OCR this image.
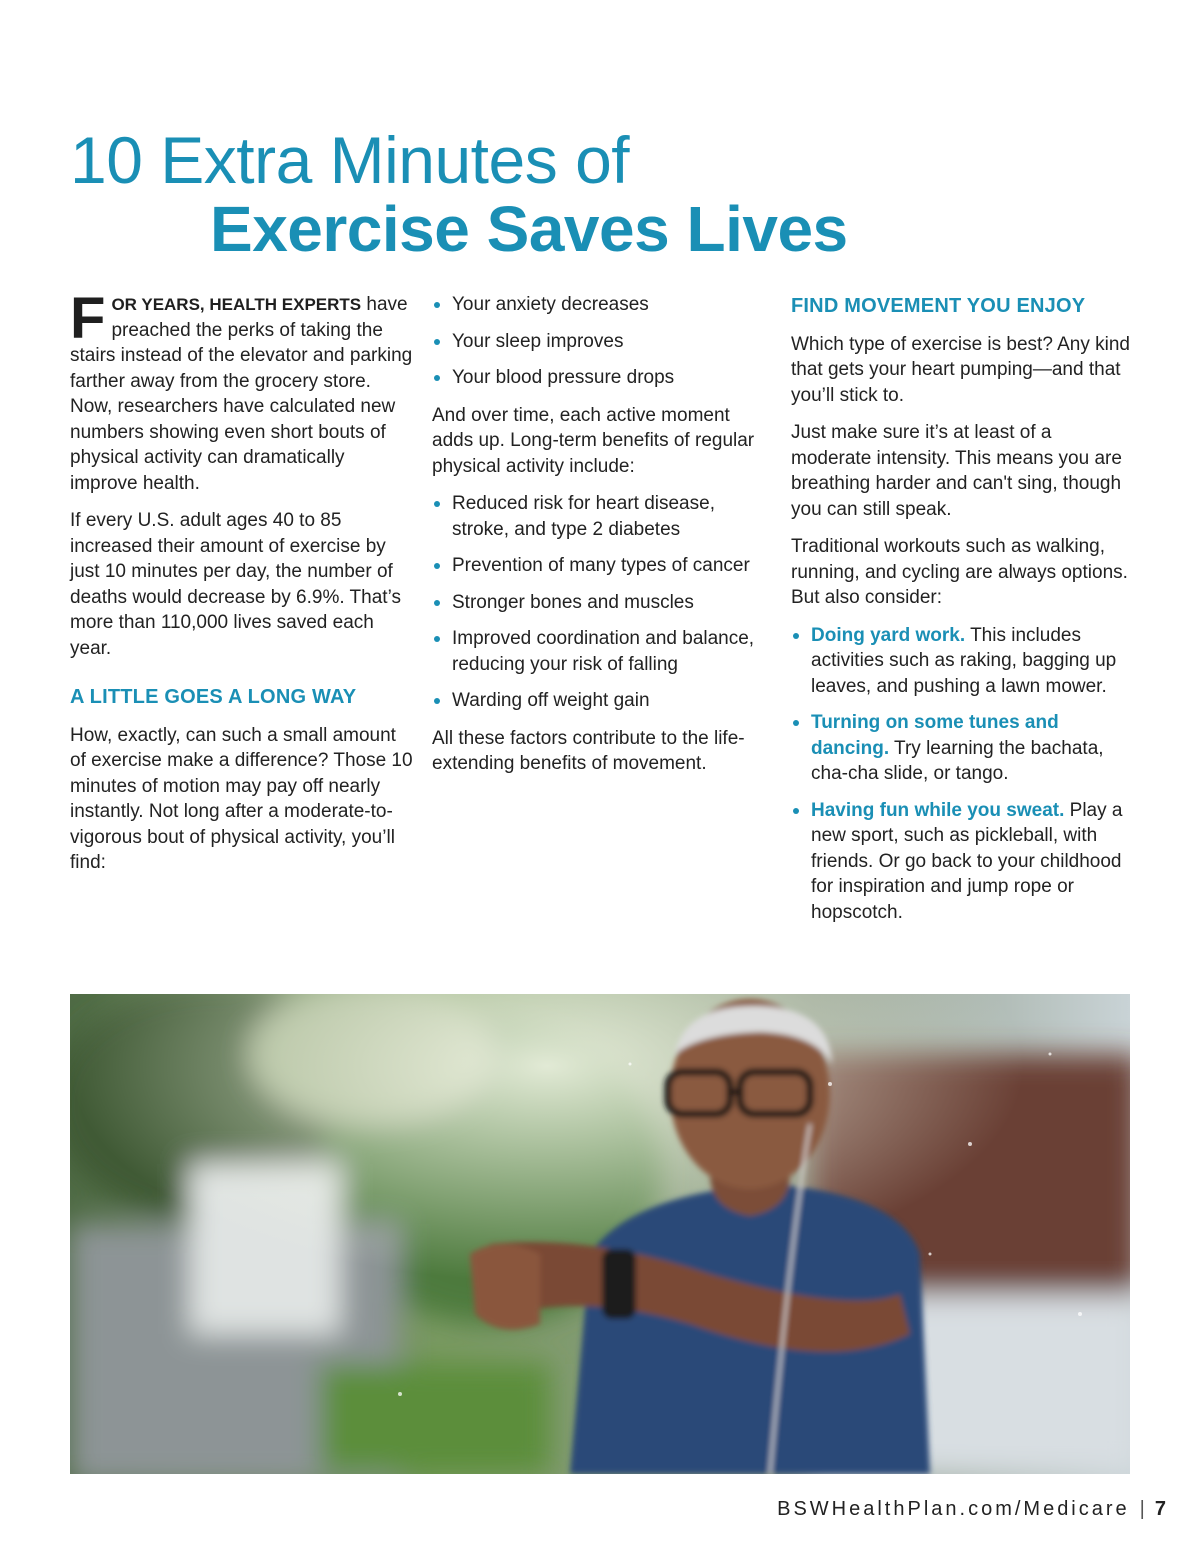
10 Extra Minutes of
Exercise Saves Lives

FOR YEARS, HEALTH EXPERTS have preached the perks of taking the stairs instead of the elevator and parking farther away from the grocery store. Now, researchers have calculated new numbers showing even short bouts of physical activity can dramatically improve health.

If every U.S. adult ages 40 to 85 increased their amount of exercise by just 10 minutes per day, the number of deaths would decrease by 6.9%. That’s more than 110,000 lives saved each year.

A LITTLE GOES A LONG WAY

How, exactly, can such a small amount of exercise make a difference? Those 10 minutes of motion may pay off nearly instantly. Not long after a moderate-to-vigorous bout of physical activity, you’ll find:

Your anxiety decreases
Your sleep improves
Your blood pressure drops

And over time, each active moment adds up. Long-term benefits of regular physical activity include:

Reduced risk for heart disease, stroke, and type 2 diabetes
Prevention of many types of cancer
Stronger bones and muscles
Improved coordination and balance, reducing your risk of falling
Warding off weight gain

All these factors contribute to the life-extending benefits of movement.

FIND MOVEMENT YOU ENJOY

Which type of exercise is best? Any kind that gets your heart pumping—and that you’ll stick to.

Just make sure it’s at least of a moderate intensity. This means you are breathing harder and can't sing, though you can still speak.

Traditional workouts such as walking, running, and cycling are always options. But also consider:

Doing yard work. This includes activities such as raking, bagging up leaves, and pushing a lawn mower.
Turning on some tunes and dancing. Try learning the bachata, cha-cha slide, or tango.
Having fun while you sweat. Play a new sport, such as pickleball, with friends. Or go back to your childhood for inspiration and jump rope or hopscotch.
BSWHealthPlan.com/Medicare | 7
